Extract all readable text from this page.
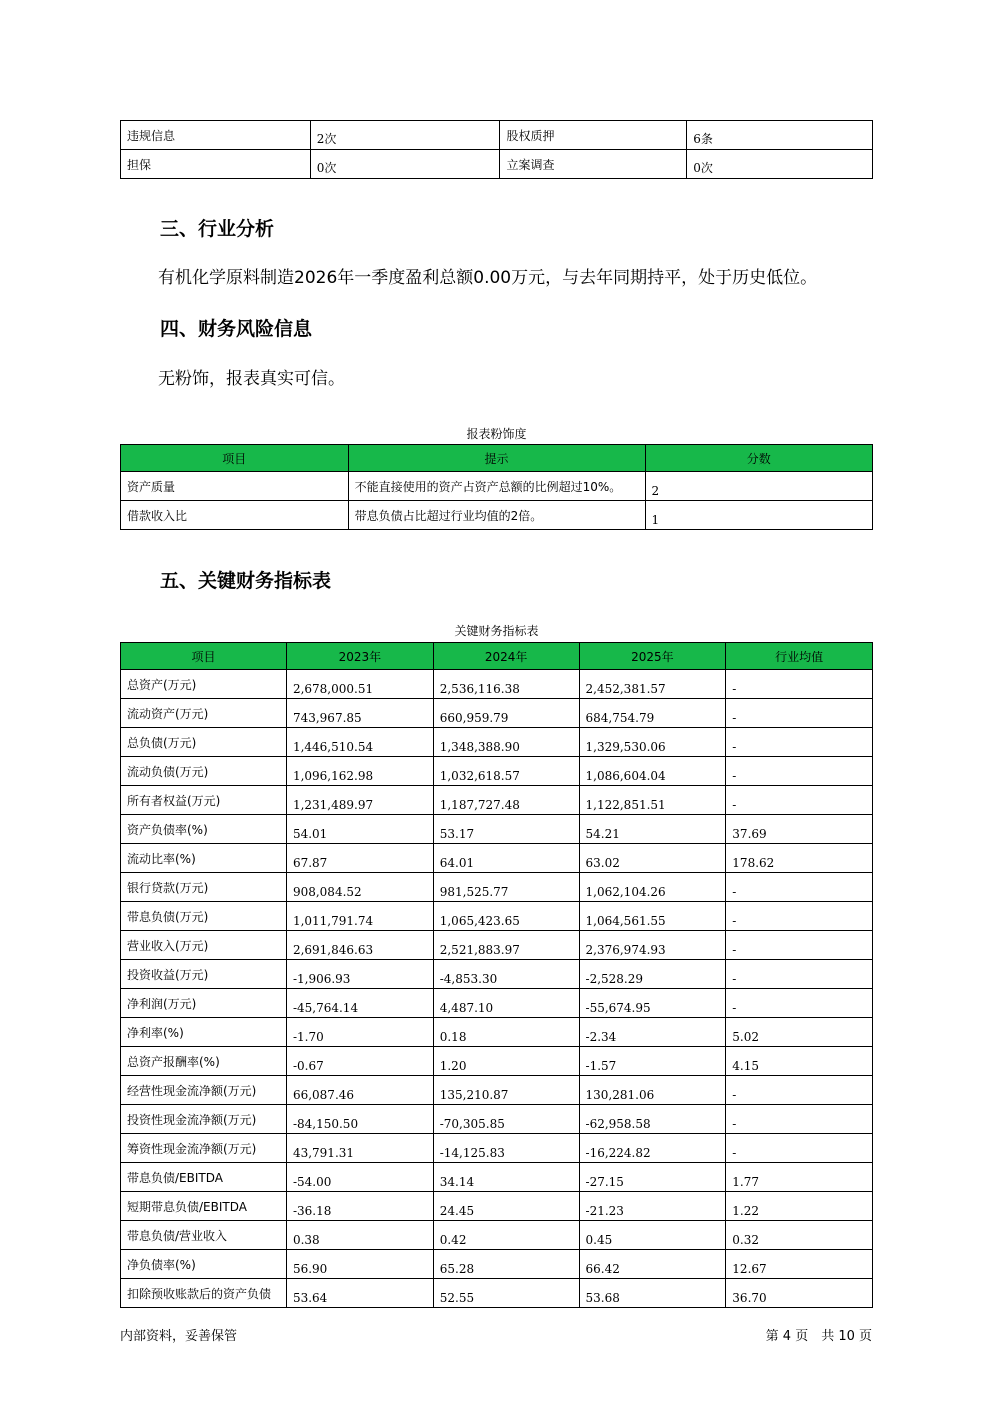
违规信息	2次	股权质押	6条
担保	0次	立案调查	0次
三、行业分析

有机化学原料制造2026年一季度盈利总额0.00万元，与去年同期持平，处于历史低位。

四、财务风险信息

无粉饰，报表真实可信。

报表粉饰度
项目	提示	分数
资产质量	不能直接使用的资产占资产总额的比例超过10%。	2
借款收入比	带息负债占比超过行业均值的2倍。	1
五、关键财务指标表
关键财务指标表
项目	2023年	2024年	2025年	行业均值
总资产(万元)	2,678,000.51	2,536,116.38	2,452,381.57	-
流动资产(万元)	743,967.85	660,959.79	684,754.79	-
总负债(万元)	1,446,510.54	1,348,388.90	1,329,530.06	-
流动负债(万元)	1,096,162.98	1,032,618.57	1,086,604.04	-
所有者权益(万元)	1,231,489.97	1,187,727.48	1,122,851.51	-
资产负债率(%)	54.01	53.17	54.21	37.69
流动比率(%)	67.87	64.01	63.02	178.62
银行贷款(万元)	908,084.52	981,525.77	1,062,104.26	-
带息负债(万元)	1,011,791.74	1,065,423.65	1,064,561.55	-
营业收入(万元)	2,691,846.63	2,521,883.97	2,376,974.93	-
投资收益(万元)	-1,906.93	-4,853.30	-2,528.29	-
净利润(万元)	-45,764.14	4,487.10	-55,674.95	-
净利率(%)	-1.70	0.18	-2.34	5.02
总资产报酬率(%)	-0.67	1.20	-1.57	4.15
经营性现金流净额(万元)	66,087.46	135,210.87	130,281.06	-
投资性现金流净额(万元)	-84,150.50	-70,305.85	-62,958.58	-
筹资性现金流净额(万元)	43,791.31	-14,125.83	-16,224.82	-
带息负债/EBITDA	-54.00	34.14	-27.15	1.77
短期带息负债/EBITDA	-36.18	24.45	-21.23	1.22
带息负债/营业收入	0.38	0.42	0.45	0.32
净负债率(%)	56.90	65.28	66.42	12.67
扣除预收账款后的资产负债	53.64	52.55	53.68	36.70
内部资料，妥善保管	第 4 页　共 10 页
